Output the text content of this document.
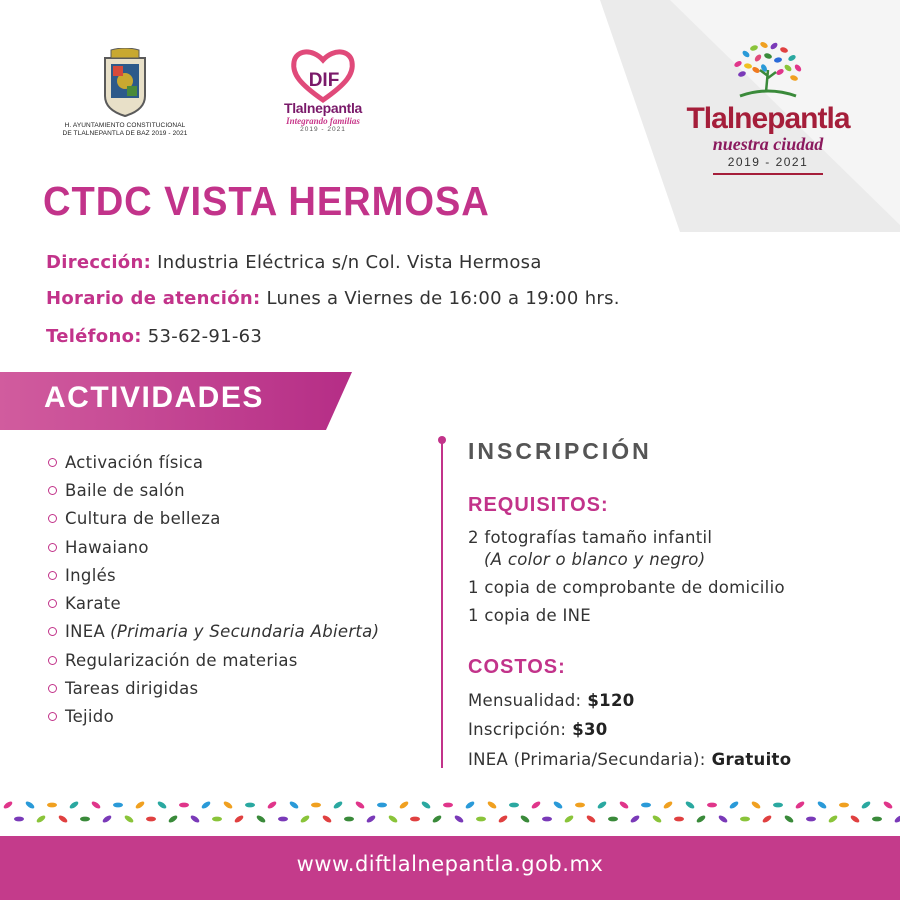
H. AYUNTAMIENTO CONSTITUCIONAL
DE TLALNEPANTLA DE BAZ 2019 - 2021
DIF
Tlalnepantla
Integrando familias
2019 - 2021	Tlalnepantla
nuestra ciudad
2019 - 2021
CTDC VISTA HERMOSA
Dirección: Industria Eléctrica s/n Col. Vista Hermosa
Horario de atención: Lunes a Viernes de 16:00 a 19:00 hrs.
Teléfono: 53-62-91-63
ACTIVIDADES
Activación física
Baile de salón
Cultura de belleza
Hawaiano
Inglés
Karate
INEA (Primaria y Secundaria Abierta)
Regularización de materias
Tareas dirigidas
Tejido
INSCRIPCIÓN
REQUISITOS:
2 fotografías tamaño infantil
(A color o blanco y negro)
1 copia de comprobante de domicilio
1 copia de INE
COSTOS:
Mensualidad: $120
Inscripción: $30
INEA (Primaria/Secundaria): Gratuito
www.diftlalnepantla.gob.mx
